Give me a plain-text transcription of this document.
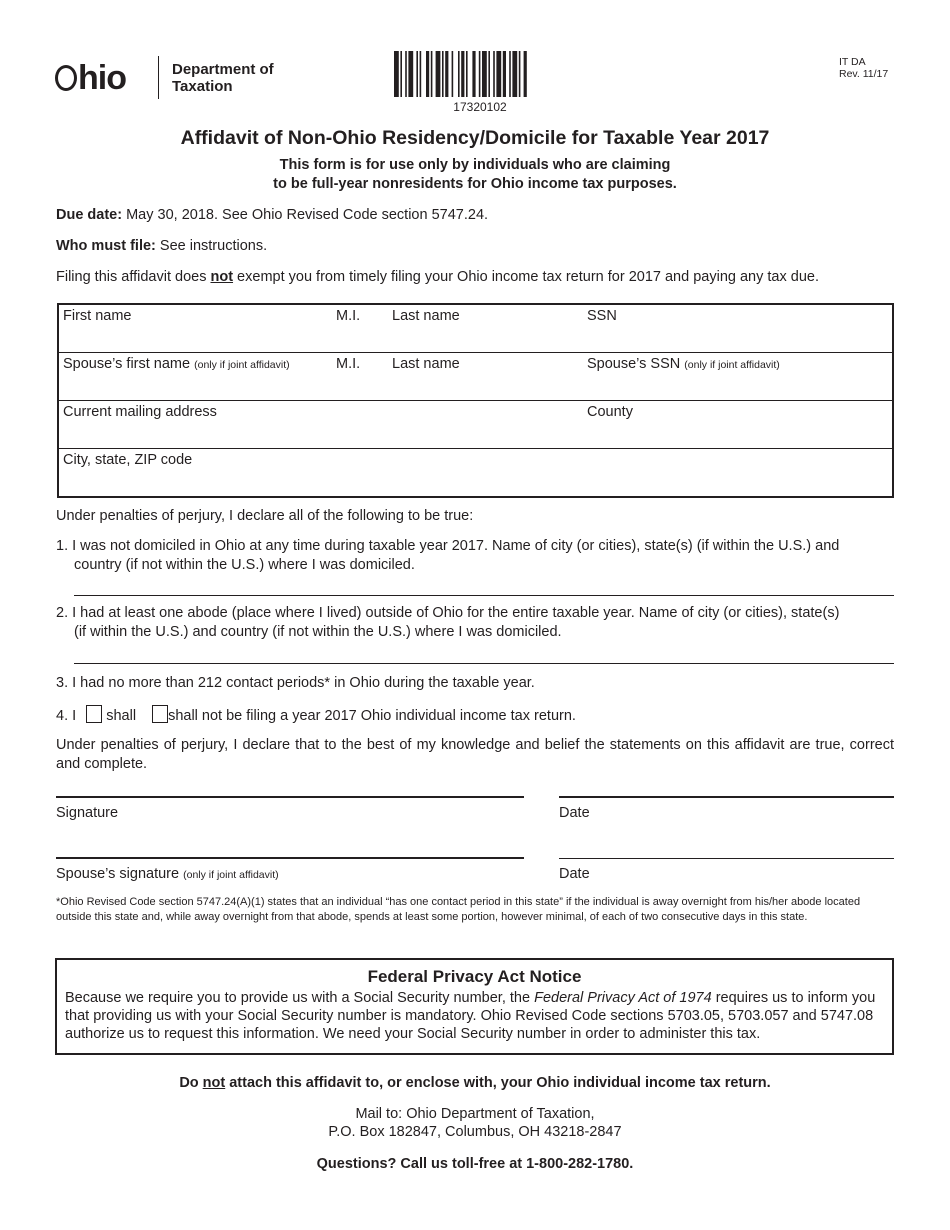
hio	Department of
Taxation
17320102
IT DA
Rev. 11/17
Affidavit of Non-Ohio Residency/Domicile for Taxable Year 2017
This form is for use only by individuals who are claiming
to be full-year nonresidents for Ohio income tax purposes.
Due date: May 30, 2018. See Ohio Revised Code section 5747.24.
Who must file: See instructions.
Filing this affidavit does not exempt you from timely filing your Ohio income tax return for 2017 and paying any tax due.
First name	M.I. Last name	SSN

Spouse’s first name (only if joint affidavit)	M.I. Last name	Spouse’s SSN (only if joint affidavit)

Current mailing address	County

City, state, ZIP code
Under penalties of perjury, I declare all of the following to be true:
1. I was not domiciled in Ohio at any time during taxable year 2017. Name of city (or cities), state(s) (if within the U.S.) and
country (if not within the U.S.) where I was domiciled.
2. I had at least one abode (place where I lived) outside of Ohio for the entire taxable year. Name of city (or cities), state(s)
(if within the U.S.) and country (if not within the U.S.) where I was domiciled.
3. I had no more than 212 contact periods* in Ohio during the taxable year.
4. I shall shall not be filing a year 2017 Ohio individual income tax return.
Under penalties of perjury, I declare that to the best of my knowledge and belief the statements on this affidavit are true, correct and complete.
Signature	Date
Spouse’s signature (only if joint affidavit)	Date
*Ohio Revised Code section 5747.24(A)(1) states that an individual “has one contact period in this state” if the individual is away overnight from his/her abode located outside this state and, while away overnight from that abode, spends at least some portion, however minimal, of each of two consecutive days in this state.
Federal Privacy Act Notice
Because we require you to provide us with a Social Security number, the Federal Privacy Act of 1974 requires us to inform you that providing us with your Social Security number is mandatory. Ohio Revised Code sections 5703.05, 5703.057 and 5747.08 authorize us to request this information. We need your Social Security number in order to administer this tax.
Do not attach this affidavit to, or enclose with, your Ohio individual income tax return.
Mail to: Ohio Department of Taxation,
P.O. Box 182847, Columbus, OH 43218-2847
Questions? Call us toll-free at 1-800-282-1780.
